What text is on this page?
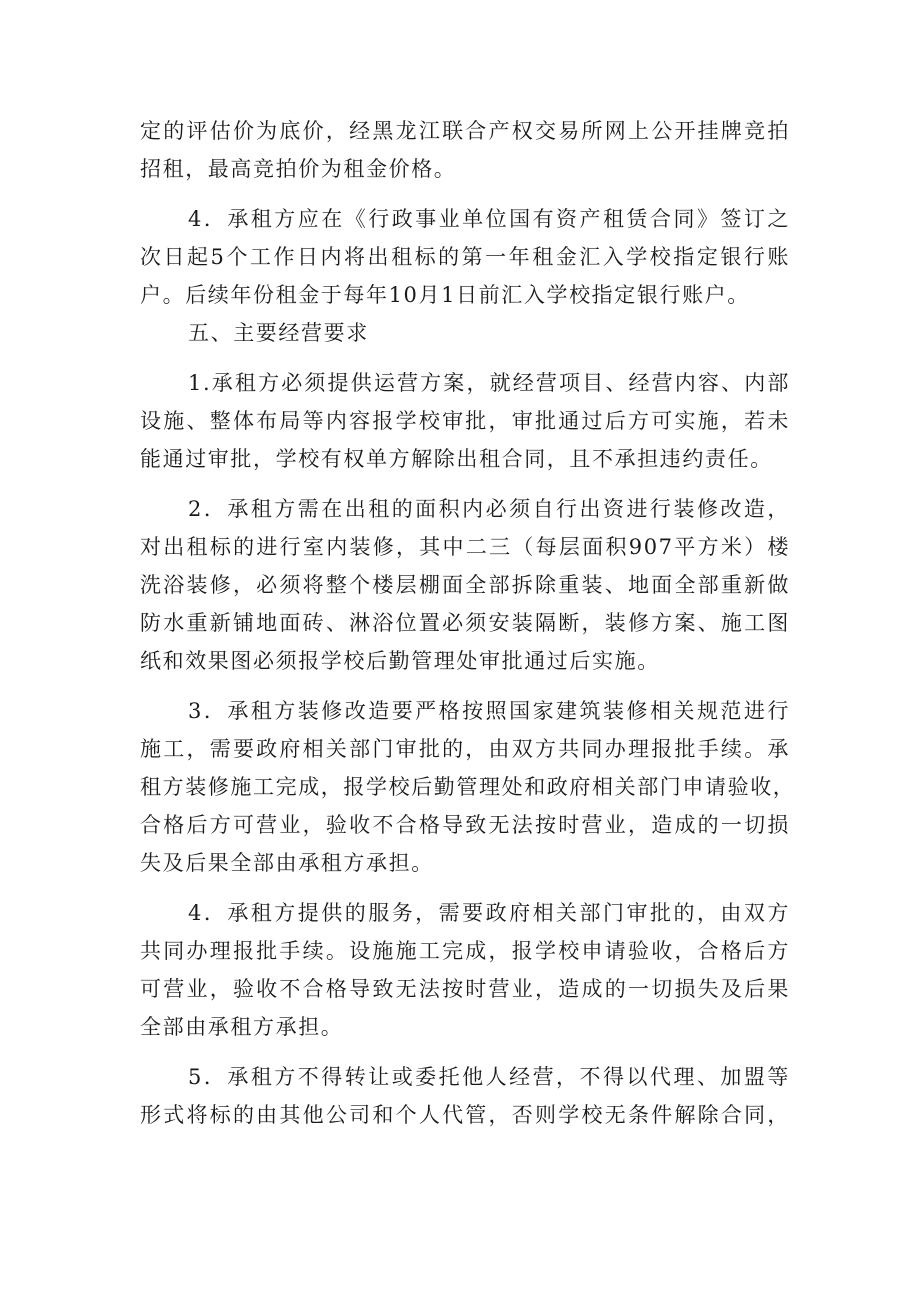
定的评估价为底价，经黑龙江联合产权交易所网上公开挂牌竞拍
招租，最高竞拍价为租金价格。
4．承租方应在《行政事业单位国有资产租赁合同》签订之
次日起5个工作日内将出租标的第一年租金汇入学校指定银行账
户。后续年份租金于每年10月1日前汇入学校指定银行账户。
五、主要经营要求
1.承租方必须提供运营方案，就经营项目、经营内容、内部
设施、整体布局等内容报学校审批，审批通过后方可实施，若未
能通过审批，学校有权单方解除出租合同，且不承担违约责任。
2．承租方需在出租的面积内必须自行出资进行装修改造，
对出租标的进行室内装修，其中二三（每层面积907平方米）楼
洗浴装修，必须将整个楼层棚面全部拆除重装、地面全部重新做
防水重新铺地面砖、淋浴位置必须安装隔断，装修方案、施工图
纸和效果图必须报学校后勤管理处审批通过后实施。
3．承租方装修改造要严格按照国家建筑装修相关规范进行
施工，需要政府相关部门审批的，由双方共同办理报批手续。承
租方装修施工完成，报学校后勤管理处和政府相关部门申请验收，
合格后方可营业，验收不合格导致无法按时营业，造成的一切损
失及后果全部由承租方承担。
4．承租方提供的服务，需要政府相关部门审批的，由双方
共同办理报批手续。设施施工完成，报学校申请验收，合格后方
可营业，验收不合格导致无法按时营业，造成的一切损失及后果
全部由承租方承担。
5．承租方不得转让或委托他人经营，不得以代理、加盟等
形式将标的由其他公司和个人代管，否则学校无条件解除合同，
